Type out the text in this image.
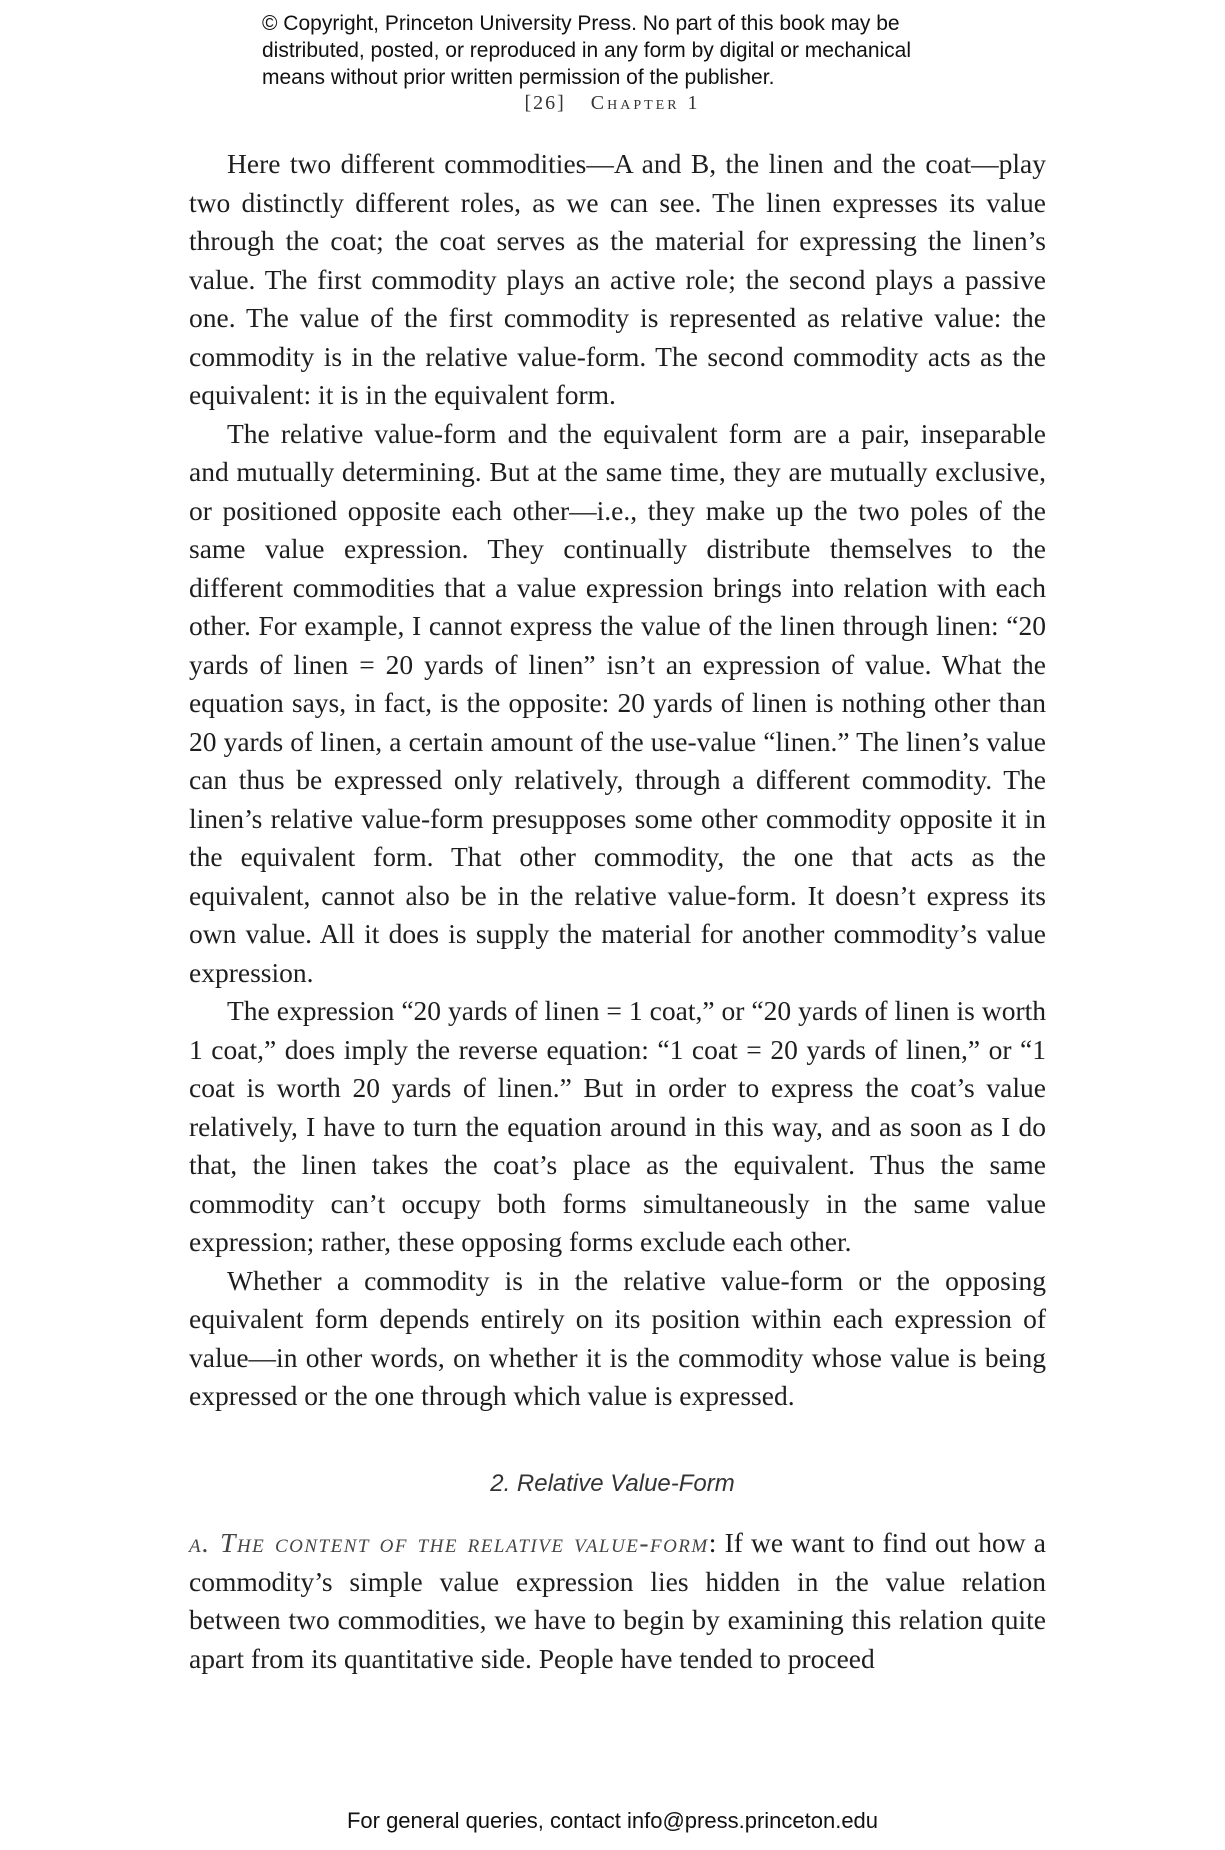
© Copyright, Princeton University Press. No part of this book may be
distributed, posted, or reproduced in any form by digital or mechanical
means without prior written permission of the publisher.
[26] Chapter 1

Here two different commodities—A and B, the linen and the coat—play two distinctly different roles, as we can see. The linen expresses its value through the coat; the coat serves as the material for expressing the linen’s value. The first commodity plays an active role; the second plays a passive one. The value of the first commodity is represented as relative value: the commodity is in the relative value-form. The second commodity acts as the equivalent: it is in the equivalent form.

The relative value-form and the equivalent form are a pair, inseparable and mutually determining. But at the same time, they are mutually exclusive, or positioned opposite each other—i.e., they make up the two poles of the same value expression. They continually distribute themselves to the different commodities that a value expression brings into relation with each other. For example, I cannot express the value of the linen through linen: “20 yards of linen = 20 yards of linen” isn’t an expression of value. What the equation says, in fact, is the opposite: 20 yards of linen is nothing other than 20 yards of linen, a certain amount of the use-value “linen.” The linen’s value can thus be expressed only relatively, through a different commodity. The linen’s relative value-form presupposes some other commodity opposite it in the equivalent form. That other commodity, the one that acts as the equivalent, cannot also be in the relative value-form. It doesn’t express its own value. All it does is supply the material for another commodity’s value expression.

The expression “20 yards of linen = 1 coat,” or “20 yards of linen is worth 1 coat,” does imply the reverse equation: “1 coat = 20 yards of linen,” or “1 coat is worth 20 yards of linen.” But in order to express the coat’s value relatively, I have to turn the equation around in this way, and as soon as I do that, the linen takes the coat’s place as the equivalent. Thus the same commodity can’t occupy both forms simultaneously in the same value expression; rather, these opposing forms exclude each other.

Whether a commodity is in the relative value-form or the opposing equivalent form depends entirely on its position within each expression of value—in other words, on whether it is the commodity whose value is being expressed or the one through which value is expressed.

2. Relative Value-Form

a. The content of the relative value-form: If we want to find out how a commodity’s simple value expression lies hidden in the value relation between two commodities, we have to begin by examining this relation quite apart from its quantitative side. People have tended to proceed

For general queries, contact info@press.princeton.edu
